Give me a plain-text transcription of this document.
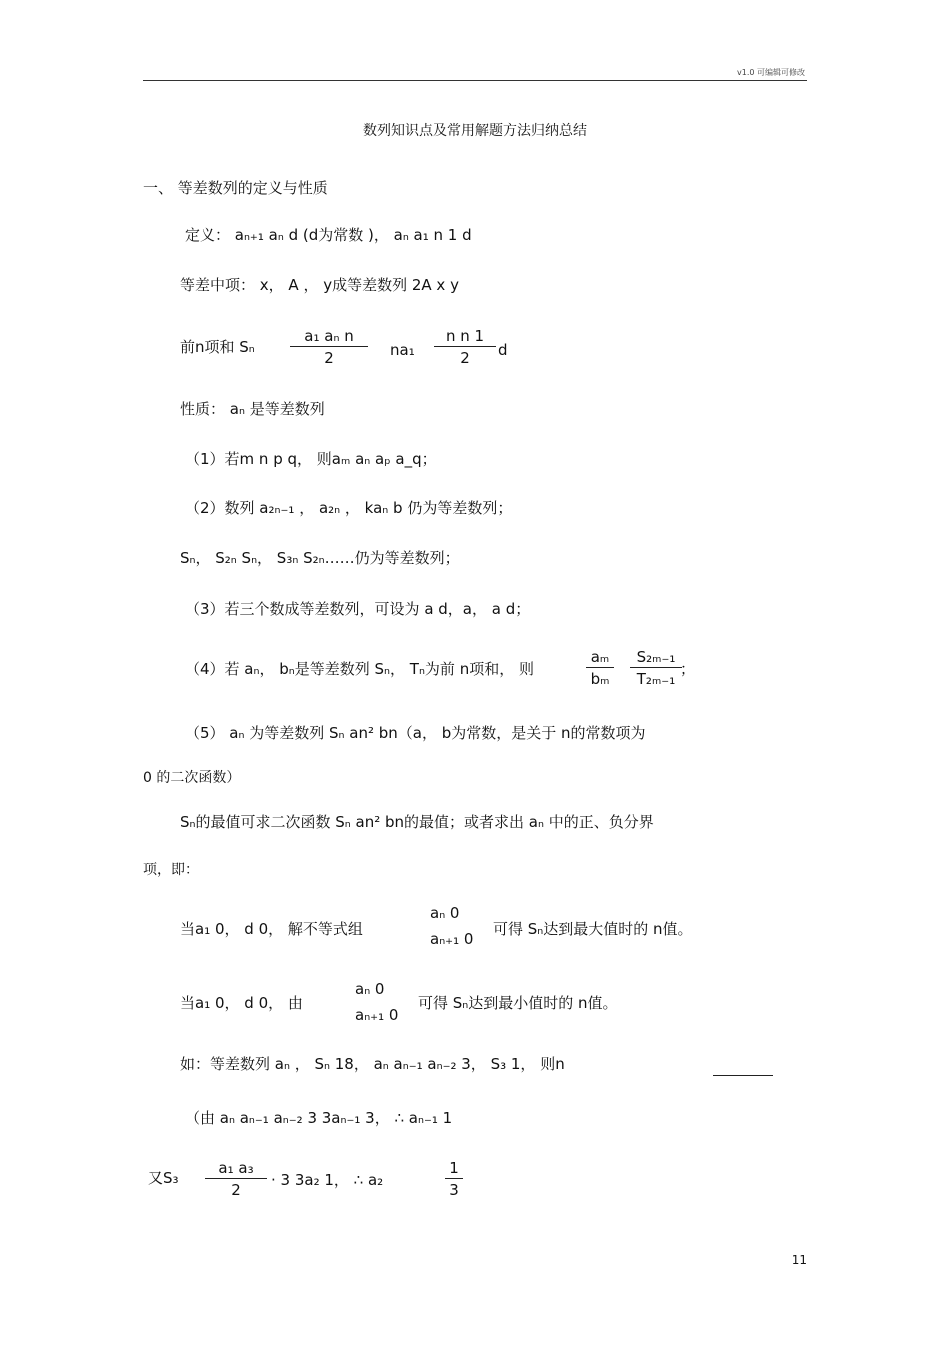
v1.0 可编辑可修改
数列知识点及常用解题方法归纳总结
一、 等差数列的定义与性质
定义： aₙ₊₁ aₙ d (d为常数 )， aₙ a₁ n 1 d
等差中项： x， A ， y成等差数列 2A x y
前n项和 Sₙ $\frac{\text{a₁ aₙ n}}{2} na_1 \frac{\text{n n 1}}{2}$ d
性质： aₙ 是等差数列
（1）若m n p q， 则aₘ aₙ aₚ a_q；
（2）数列 a₂ₙ₋₁ ， a₂ₙ ， kaₙ b 仍为等差数列；
Sₙ， S₂ₙ Sₙ， S₃ₙ S₂ₙ……仍为等差数列；
（3）若三个数成等差数列，可设为 a d，a， a d；
（4）若 aₙ， bₙ是等差数列 Sₙ， Tₙ为前 n项和， 则	$\frac{\text{aₘ}}{\text{bₘ}} \frac{\text{S₂ₘ₋₁}}{\text{T₂ₘ₋₁}}$
；
（5） aₙ 为等差数列 Sₙ an² bn（a， b为常数，是关于 n的常数项为
0 的二次函数）
Sₙ的最值可求二次函数 Sₙ an² bn的最值；或者求出 aₙ 中的正、负分界
项，即：
当a₁ 0， d 0， 解不等式组
aₙ 0
aₙ₊₁ 0
可得 Sₙ达到最大值时的 n值。
当a₁ 0， d 0， 由
aₙ 0
aₙ₊₁ 0
可得 Sₙ达到最小值时的 n值。
如：等差数列 aₙ ， Sₙ 18， aₙ aₙ₋₁ aₙ₋₂ 3， S₃ 1， 则n
（由 aₙ aₙ₋₁ aₙ₋₂ 3 3aₙ₋₁ 3， ∴ aₙ₋₁ 1
又$S_3 \frac{\text{a₁ a₃}}{2} \cdot 3$ 3a₂ 1， ∴ a₂	$\frac{1}{3}$
11
